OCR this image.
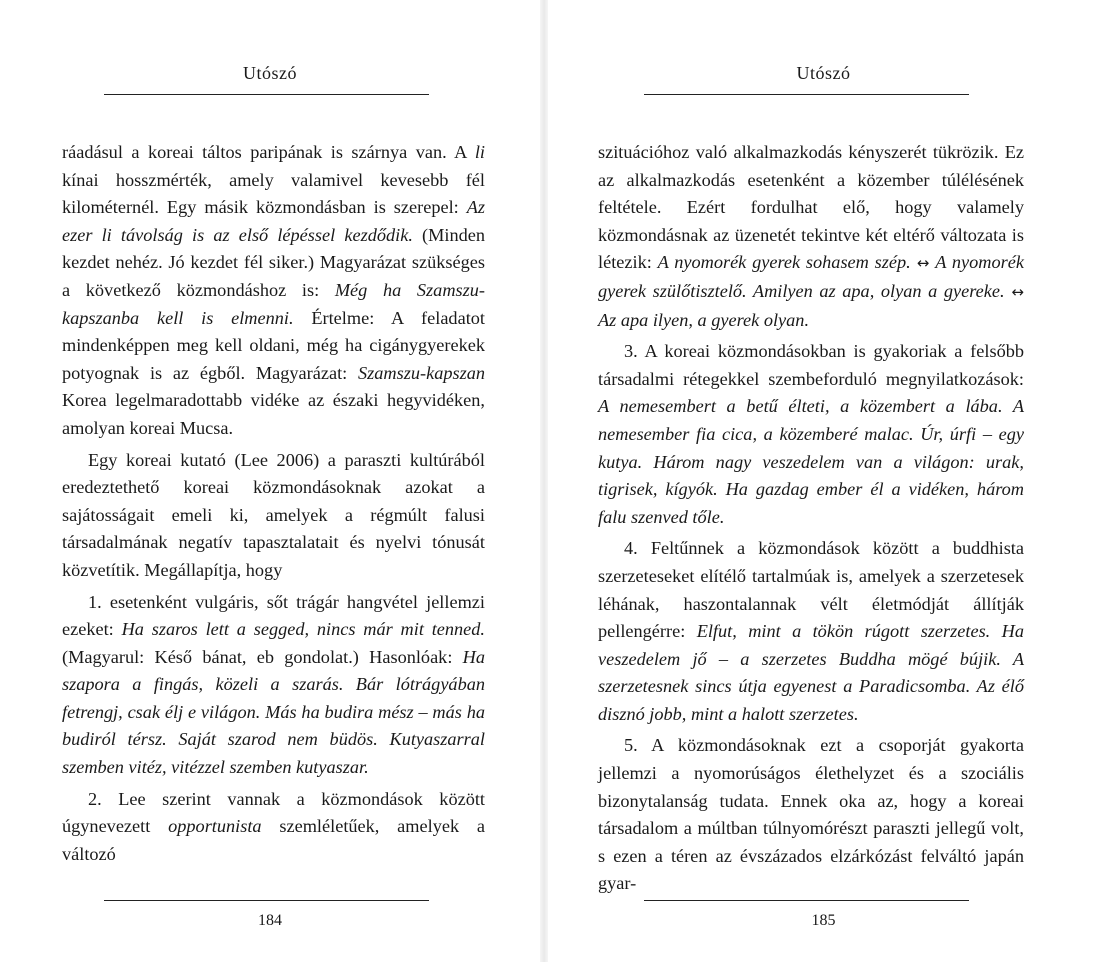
Utószó

ráadásul a koreai táltos paripának is szárnya van. A li kínai hosszmérték, amely valamivel kevesebb fél kilométernél. Egy másik közmondásban is szerepel: Az ezer li távolság is az első lépéssel kezdődik. (Minden kezdet nehéz. Jó kezdet fél siker.) Magyarázat szükséges a következő közmondáshoz is: Még ha Szamszu-kapszanba kell is elmenni. Értelme: A feladatot mindenképpen meg kell oldani, még ha cigánygyerekek potyognak is az égből. Magyarázat: Szamszu-kapszan Korea legelmaradottabb vidéke az északi hegyvidéken, amolyan koreai Mucsa.

Egy koreai kutató (Lee 2006) a paraszti kultúrából eredeztethető koreai közmondásoknak azokat a sajátosságait emeli ki, amelyek a régmúlt falusi társadalmának negatív tapasztalatait és nyelvi tónusát közvetítik. Megállapítja, hogy

1. esetenként vulgáris, sőt trágár hangvétel jellemzi ezeket: Ha szaros lett a segged, nincs már mit tenned. (Magyarul: Késő bánat, eb gondolat.) Hasonlóak: Ha szapora a fingás, közeli a szarás. Bár lótrágyában fetrengj, csak élj e világon. Más ha budira mész – más ha budiról térsz. Saját szarod nem büdös. Kutyaszarral szemben vitéz, vitézzel szemben kutyaszar.

2. Lee szerint vannak a közmondások között úgynevezett opportunista szemléletűek, amelyek a változó

184
Utószó

szituációhoz való alkalmazkodás kényszerét tükrözik. Ez az alkalmazkodás esetenként a közember túlélésének feltétele. Ezért fordulhat elő, hogy valamely közmondásnak az üzenetét tekintve két eltérő változata is létezik: A nyomorék gyerek sohasem szép. ↔ A nyomorék gyerek szülőtisztelő. Amilyen az apa, olyan a gyereke. ↔ Az apa ilyen, a gyerek olyan.

3. A koreai közmondásokban is gyakoriak a felsőbb társadalmi rétegekkel szembeforduló megnyilatkozások: A nemesembert a betű élteti, a közembert a lába. A nemesember fia cica, a közemberé malac. Úr, úrfi – egy kutya. Három nagy veszedelem van a világon: urak, tigrisek, kígyók. Ha gazdag ember él a vidéken, három falu szenved tőle.

4. Feltűnnek a közmondások között a buddhista szerzeteseket elítélő tartalmúak is, amelyek a szerzetesek léhának, haszontalannak vélt életmódját állítják pellengérre: Elfut, mint a tökön rúgott szerzetes. Ha veszedelem jő – a szerzetes Buddha mögé bújik. A szerzetesnek sincs útja egyenest a Paradicsomba. Az élő disznó jobb, mint a halott szerzetes.

5. A közmondásoknak ezt a csoporját gyakorta jellemzi a nyomorúságos élethelyzet és a szociális bizonytalanság tudata. Ennek oka az, hogy a koreai társadalom a múltban túlnyomórészt paraszti jellegű volt, s ezen a téren az évszázados elzárkózást felváltó japán gyar-

185
